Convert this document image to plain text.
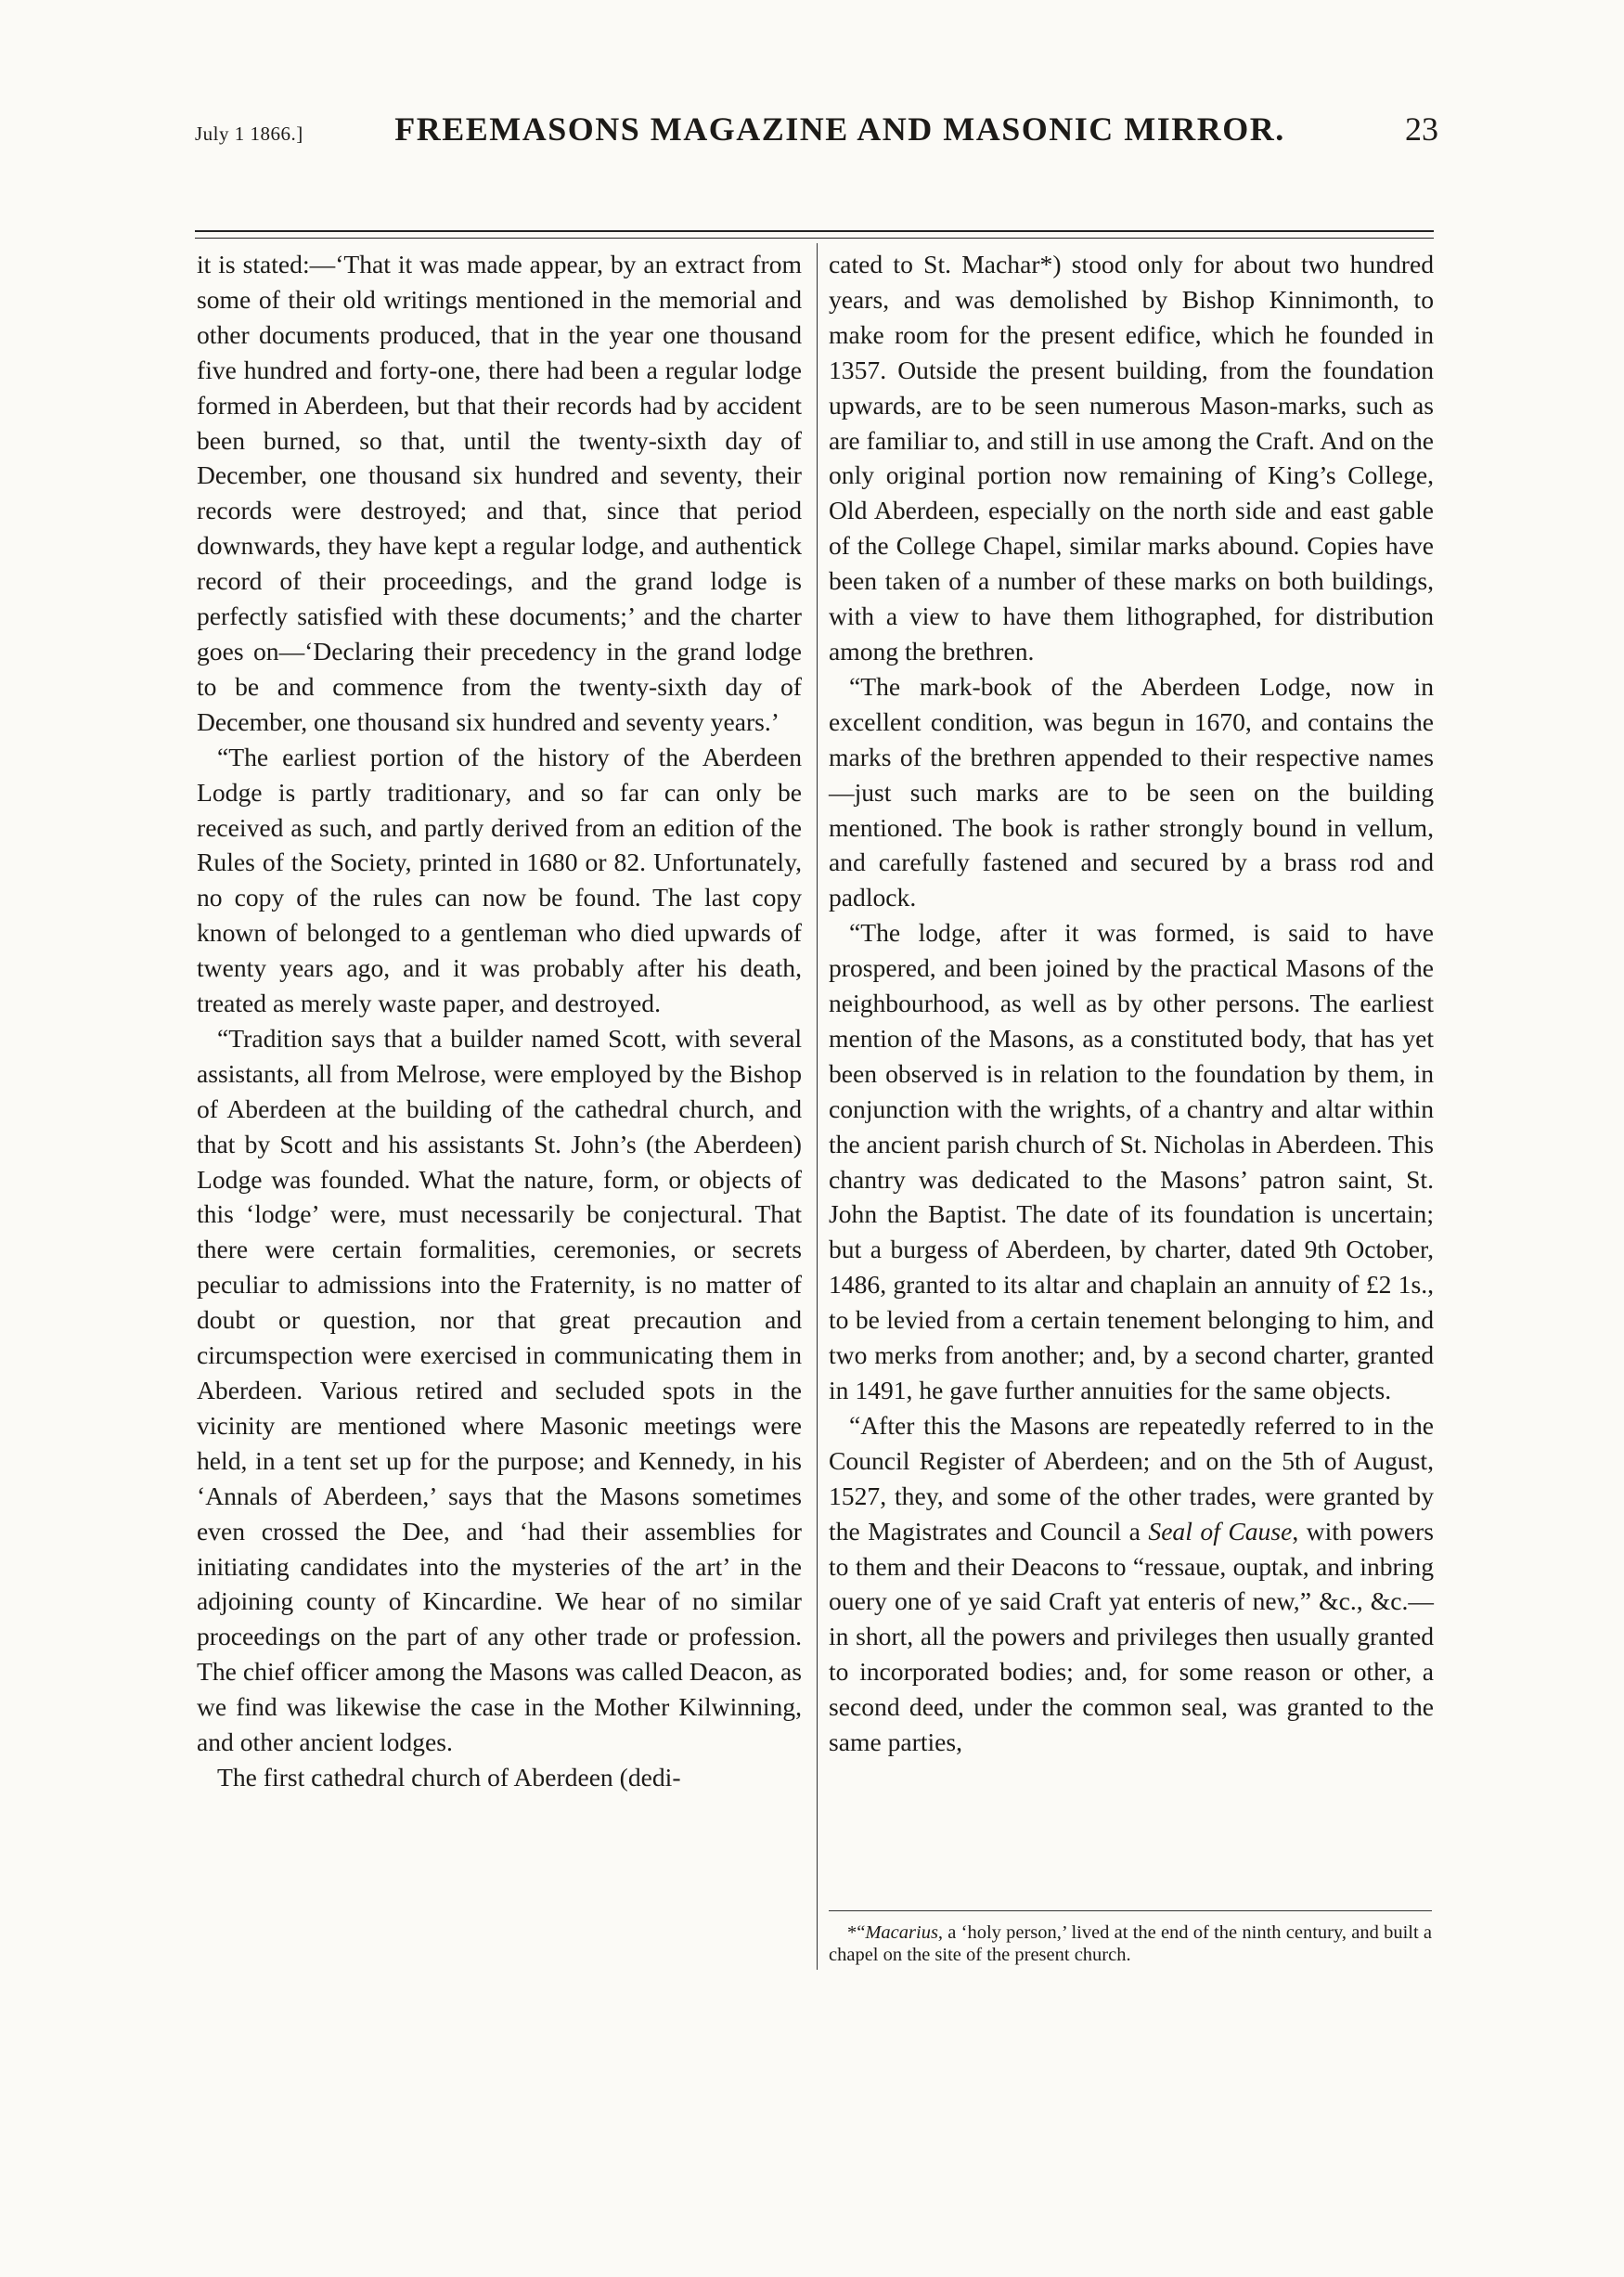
July 1 1866.]	FREEMASONS MAGAZINE AND MASONIC MIRROR.	23

it is stated:—‘That it was made appear, by an extract from some of their old writings mentioned in the memorial and other documents produced, that in the year one thousand five hundred and forty-one, there had been a regular lodge formed in Aberdeen, but that their records had by accident been burned, so that, until the twenty-sixth day of December, one thousand six hundred and seventy, their records were destroyed; and that, since that period downwards, they have kept a regular lodge, and authentick record of their proceedings, and the grand lodge is perfectly satisfied with these documents;’ and the charter goes on—‘Declaring their precedency in the grand lodge to be and commence from the twenty-sixth day of December, one thousand six hundred and seventy years.’

“The earliest portion of the history of the Aberdeen Lodge is partly traditionary, and so far can only be received as such, and partly derived from an edition of the Rules of the Society, printed in 1680 or 82. Unfortunately, no copy of the rules can now be found. The last copy known of belonged to a gentleman who died upwards of twenty years ago, and it was probably after his death, treated as merely waste paper, and destroyed.

“Tradition says that a builder named Scott, with several assistants, all from Melrose, were employed by the Bishop of Aberdeen at the building of the cathedral church, and that by Scott and his assistants St. John’s (the Aberdeen) Lodge was founded. What the nature, form, or objects of this ‘lodge’ were, must necessarily be conjectural. That there were certain formalities, ceremonies, or secrets peculiar to admissions into the Fraternity, is no matter of doubt or question, nor that great precaution and circumspection were exercised in communicating them in Aberdeen. Various retired and secluded spots in the vicinity are mentioned where Masonic meetings were held, in a tent set up for the purpose; and Kennedy, in his ‘Annals of Aberdeen,’ says that the Masons sometimes even crossed the Dee, and ‘had their assemblies for initiating candidates into the mysteries of the art’ in the adjoining county of Kincardine. We hear of no similar proceedings on the part of any other trade or profession. The chief officer among the Masons was called Deacon, as we find was likewise the case in the Mother Kilwinning, and other ancient lodges.

The first cathedral church of Aberdeen (dedi-

cated to St. Machar*) stood only for about two hundred years, and was demolished by Bishop Kinnimonth, to make room for the present edifice, which he founded in 1357. Outside the present building, from the foundation upwards, are to be seen numerous Mason-marks, such as are familiar to, and still in use among the Craft. And on the only original portion now remaining of King’s College, Old Aberdeen, especially on the north side and east gable of the College Chapel, similar marks abound. Copies have been taken of a number of these marks on both buildings, with a view to have them lithographed, for distribution among the brethren.

“The mark-book of the Aberdeen Lodge, now in excellent condition, was begun in 1670, and contains the marks of the brethren appended to their respective names—just such marks are to be seen on the building mentioned. The book is rather strongly bound in vellum, and carefully fastened and secured by a brass rod and padlock.

“The lodge, after it was formed, is said to have prospered, and been joined by the practical Masons of the neighbourhood, as well as by other persons. The earliest mention of the Masons, as a constituted body, that has yet been observed is in relation to the foundation by them, in conjunction with the wrights, of a chantry and altar within the ancient parish church of St. Nicholas in Aberdeen. This chantry was dedicated to the Masons’ patron saint, St. John the Baptist. The date of its foundation is uncertain; but a burgess of Aberdeen, by charter, dated 9th October, 1486, granted to its altar and chaplain an annuity of £2 1s., to be levied from a certain tenement belonging to him, and two merks from another; and, by a second charter, granted in 1491, he gave further annuities for the same objects.

“After this the Masons are repeatedly referred to in the Council Register of Aberdeen; and on the 5th of August, 1527, they, and some of the other trades, were granted by the Magistrates and Council a Seal of Cause, with powers to them and their Deacons to “ressaue, ouptak, and inbring ouery one of ye said Craft yat enteris of new,” &c., &c.—in short, all the powers and privileges then usually granted to incorporated bodies; and, for some reason or other, a second deed, under the common seal, was granted to the same parties,

*“Macarius, a ‘holy person,’ lived at the end of the ninth century, and built a chapel on the site of the present church.
